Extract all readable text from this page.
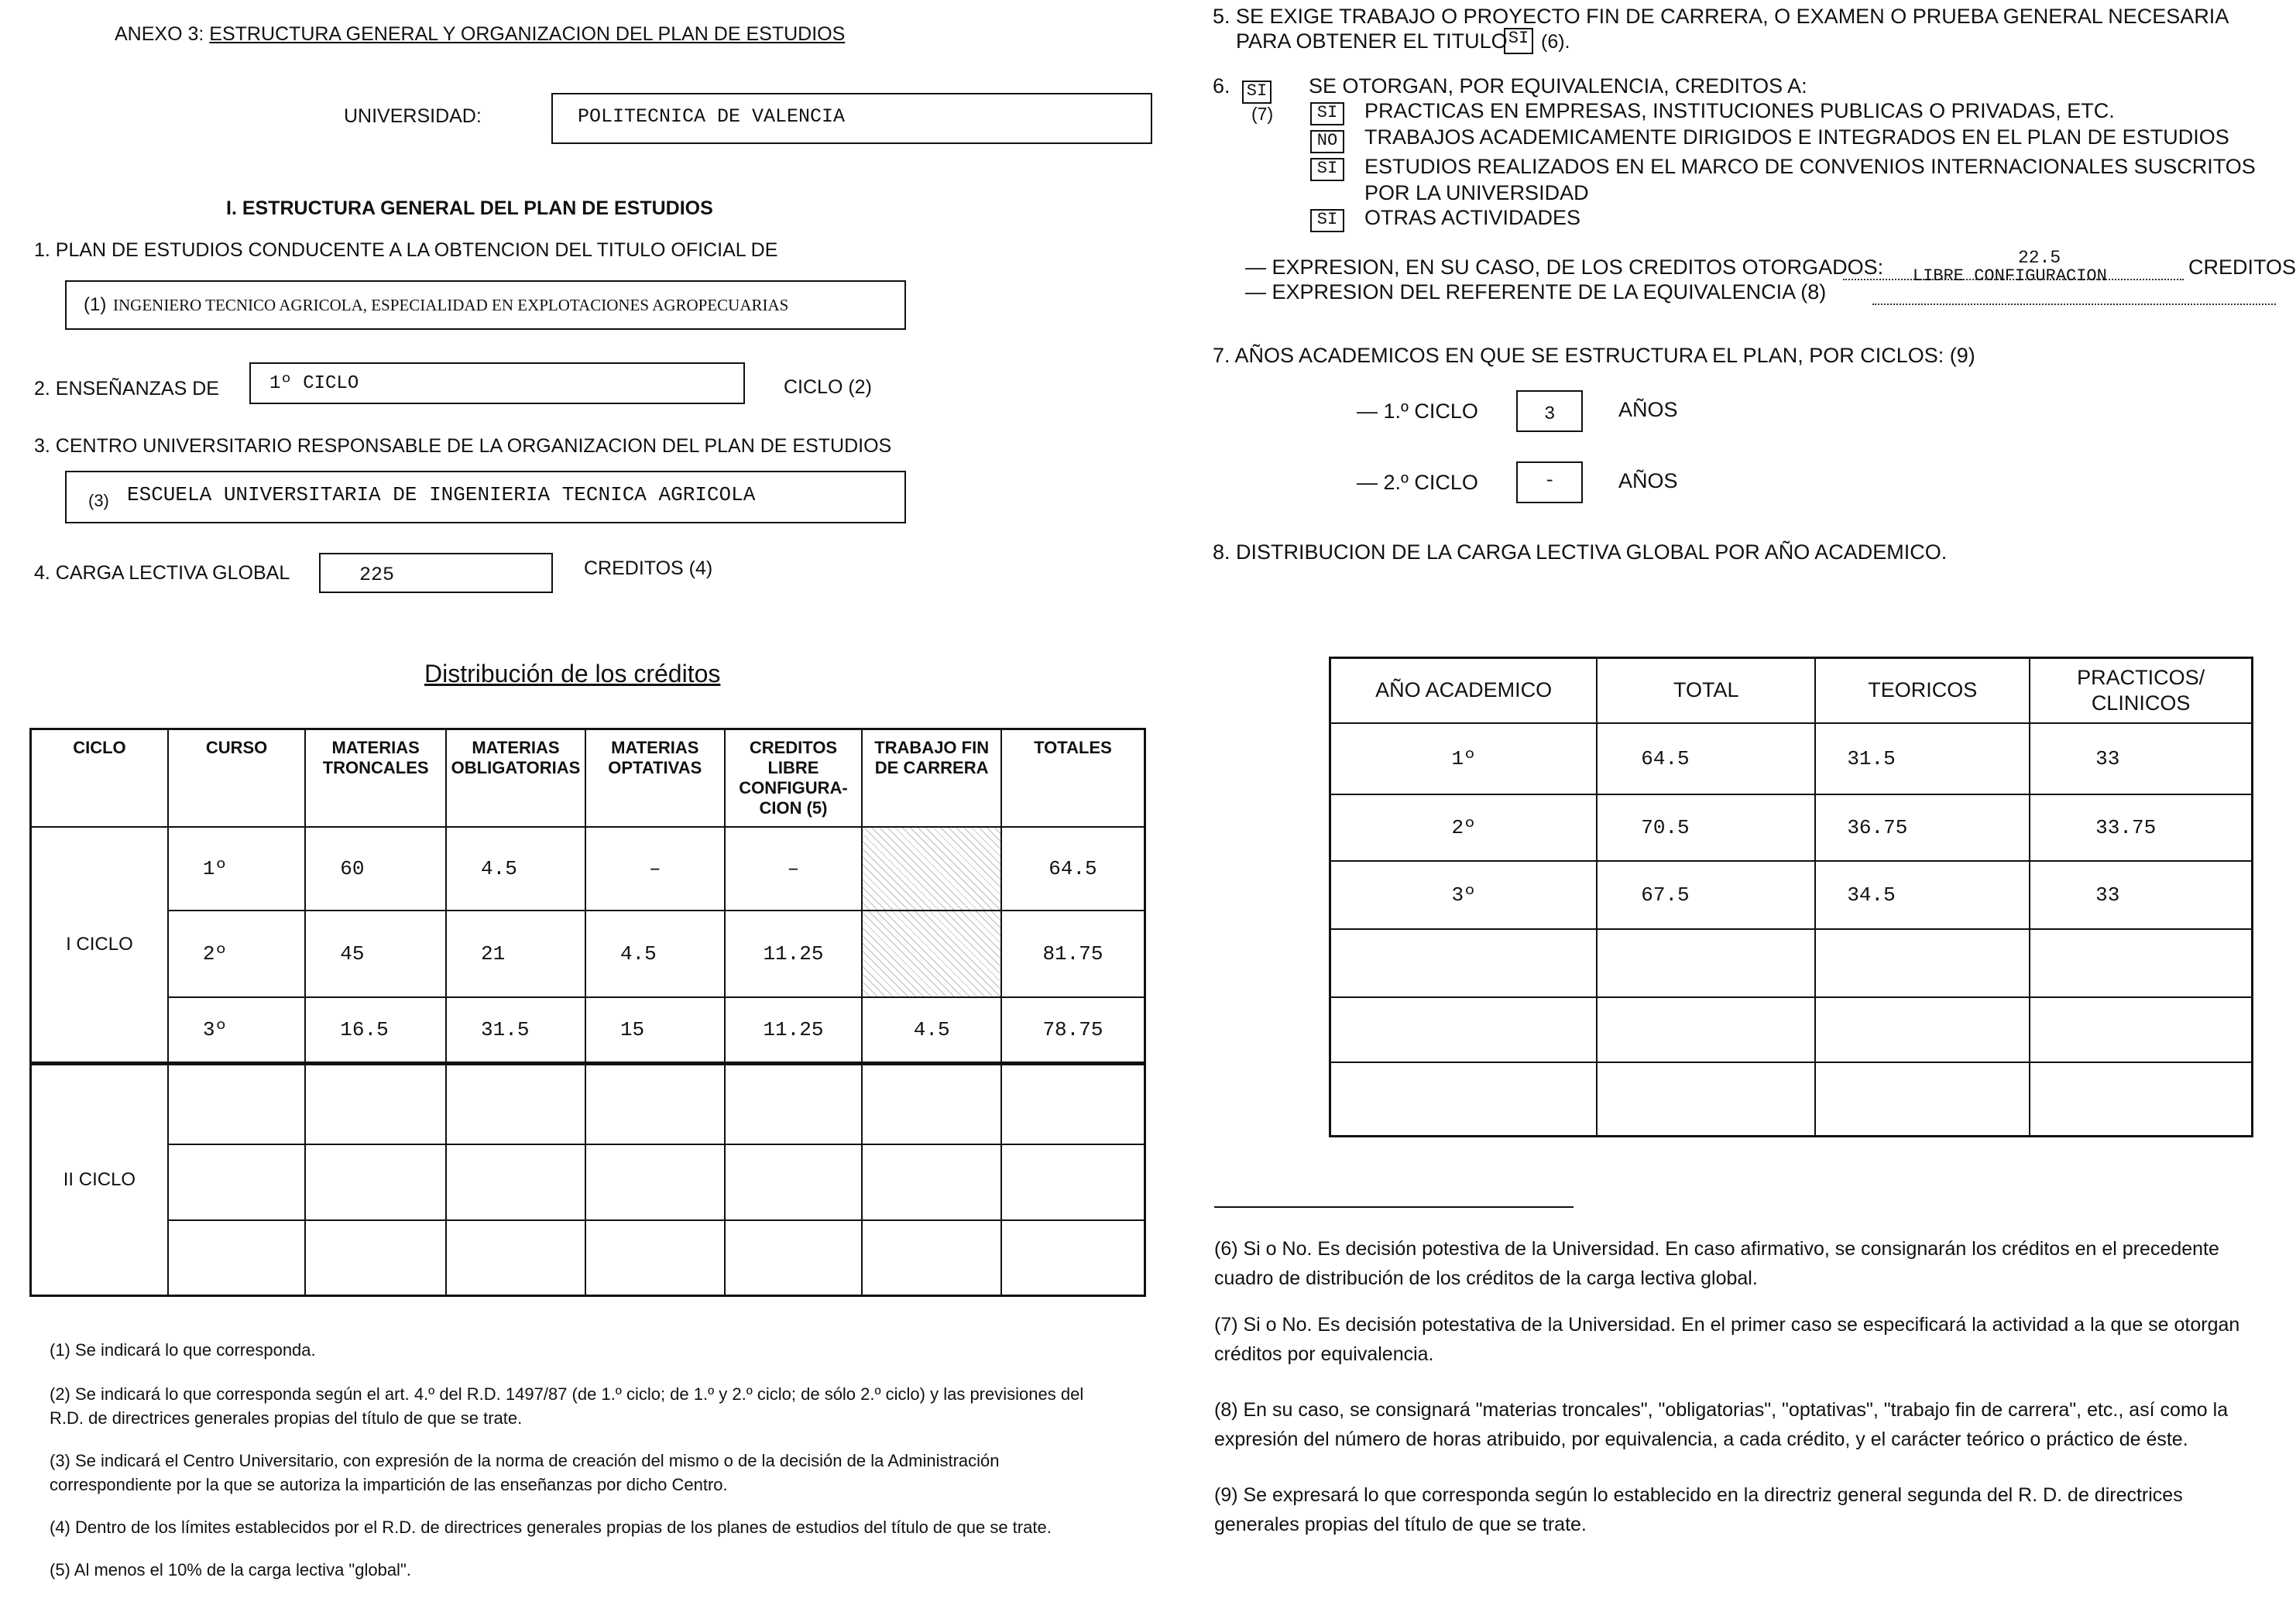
ANEXO 3: ESTRUCTURA GENERAL Y ORGANIZACION DEL PLAN DE ESTUDIOS
UNIVERSIDAD:	POLITECNICA DE VALENCIA
I. ESTRUCTURA GENERAL DEL PLAN DE ESTUDIOS
1. PLAN DE ESTUDIOS CONDUCENTE A LA OBTENCION DEL TITULO OFICIAL DE
(1) INGENIERO TECNICO AGRICOLA, ESPECIALIDAD EN EXPLOTACIONES AGROPECUARIAS
2. ENSEÑANZAS DE	1º CICLO	CICLO (2)
3. CENTRO UNIVERSITARIO RESPONSABLE DE LA ORGANIZACION DEL PLAN DE ESTUDIOS
(3) ESCUELA UNIVERSITARIA DE INGENIERIA TECNICA AGRICOLA
4. CARGA LECTIVA GLOBAL	225	CREDITOS (4)
Distribución de los créditos
CICLO	CURSO	MATERIAS TRONCALES	MATERIAS OBLIGATORIAS	MATERIAS OPTATIVAS	CREDITOS LIBRE CONFIGURA- CION (5)	TRABAJO FIN DE CARRERA	TOTALES
I CICLO	1º	60	4.5	–	–		64.5
	2º	45	21	4.5	11.25		81.75
	3º	16.5	31.5	15	11.25	4.5	78.75
II CICLO							

(1) Se indicará lo que corresponda.
(2) Se indicará lo que corresponda según el art. 4.º del R.D. 1497/87 (de 1.º ciclo; de 1.º y 2.º ciclo; de sólo 2.º ciclo) y las previsiones del R.D. de directrices generales propias del título de que se trate.
(3) Se indicará el Centro Universitario, con expresión de la norma de creación del mismo o de la decisión de la Administración correspondiente por la que se autoriza la impartición de las enseñanzas por dicho Centro.
(4) Dentro de los límites establecidos por el R.D. de directrices generales propias de los planes de estudios del título de que se trate.
(5) Al menos el 10% de la carga lectiva "global".
5. SE EXIGE TRABAJO O PROYECTO FIN DE CARRERA, O EXAMEN O PRUEBA GENERAL NECESARIA
PARA OBTENER EL TITULO SI (6).
6. SI
(7)
SE OTORGAN, POR EQUIVALENCIA, CREDITOS A:
SI	PRACTICAS EN EMPRESAS, INSTITUCIONES PUBLICAS O PRIVADAS, ETC.
NO	TRABAJOS ACADEMICAMENTE DIRIGIDOS E INTEGRADOS EN EL PLAN DE ESTUDIOS
SI	ESTUDIOS REALIZADOS EN EL MARCO DE CONVENIOS INTERNACIONALES SUSCRITOS
POR LA UNIVERSIDAD
SI	OTRAS ACTIVIDADES
— EXPRESION, EN SU CASO, DE LOS CREDITOS OTORGADOS:	22.5	CREDITOS
— EXPRESION DEL REFERENTE DE LA EQUIVALENCIA (8)
LIBRE CONFIGURACION
7. AÑOS ACADEMICOS EN QUE SE ESTRUCTURA EL PLAN, POR CICLOS: (9)
— 1.º CICLO	3	AÑOS
— 2.º CICLO	-	AÑOS
8. DISTRIBUCION DE LA CARGA LECTIVA GLOBAL POR AÑO ACADEMICO.
AÑO ACADEMICO	TOTAL	TEORICOS	PRACTICOS/ CLINICOS
1º	64.5	31.5	33
2º	70.5	36.75	33.75
3º	67.5	34.5	33

(6) Si o No. Es decisión potestiva de la Universidad. En caso afirmativo, se consignarán los créditos en el precedente cuadro de distribución de los créditos de la carga lectiva global.
(7) Si o No. Es decisión potestativa de la Universidad. En el primer caso se especificará la actividad a la que se otorgan créditos por equivalencia.
(8) En su caso, se consignará "materias troncales", "obligatorias", "optativas", "trabajo fin de carrera", etc., así como la expresión del número de horas atribuido, por equivalencia, a cada crédito, y el carácter teórico o práctico de éste.
(9) Se expresará lo que corresponda según lo establecido en la directriz general segunda del R. D. de directrices generales propias del título de que se trate.
